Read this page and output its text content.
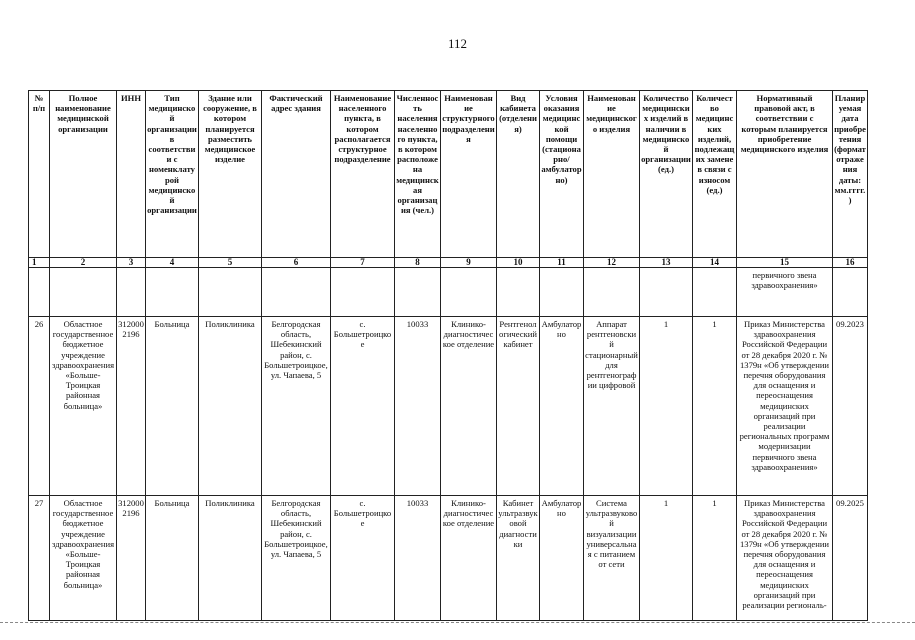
112
№ п/п	Полное наименование медицинской организации	ИНН	Тип медицинской организации в соответствии с номенклатурой медицинской организации	Здание или сооружение, в котором планируется разместить медицинское изделие	Фактический адрес здания	Наименование населенного пункта, в котором располагается структурное подразделение	Численность населения населенного пункта, в котором расположена медицинская организация (чел.)	Наименование структурного подразделения	Вид кабинета (отделения)	Условия оказания медицинской помощи (стационарно/ амбулаторно)	Наименование медицинского изделия	Количество медицинских изделий в наличии в медицинской организации (ед.)	Количество медицинских изделий, подлежащих замене в связи с износом (ед.)	Нормативный правовой акт, в соответствии с которым планируется приобретение медицинского изделия	Планируемая дата приобретения (формат отражения даты: мм.гггг.)
1	2	3	4	5	6	7	8	9	10	11	12	13	14	15	16
														первичного звена здравоохранения»	
26	Областное государственное бюджетное учреждение здравоохранения «Больше-Троицкая районная больница»	3120002196	Больница	Поликлиника	Белгородская область, Шебекинский район, с. Большетроицкое, ул. Чапаева, 5	с. Большетроицкое	10033	Клинико-диагностическое отделение	Рентгенологический кабинет	Амбулаторно	Аппарат рентгеновский стационарный для рентгенографии цифровой	1	1	Приказ Министерства здравоохранения Российской Федерации от 28 декабря 2020 г. № 1379н «Об утверждении перечня оборудования для оснащения и переоснащения медицинских организаций при реализации региональных программ модернизации первичного звена здравоохранения»	09.2023
27	Областное государственное бюджетное учреждение здравоохранения «Больше-Троицкая районная больница»	3120002196	Больница	Поликлиника	Белгородская область, Шебекинский район, с. Большетроицкое, ул. Чапаева, 5	с. Большетроицкое	10033	Клинико-диагностическое отделение	Кабинет ультразвуковой диагностики	Амбулаторно	Система ультразвуковой визуализации универсальная с питанием от сети	1	1	Приказ Министерства здравоохранения Российской Федерации от 28 декабря 2020 г. № 1379н «Об утверждении перечня оборудования для оснащения и переоснащения медицинских организаций при реализации региональ-	09.2025
